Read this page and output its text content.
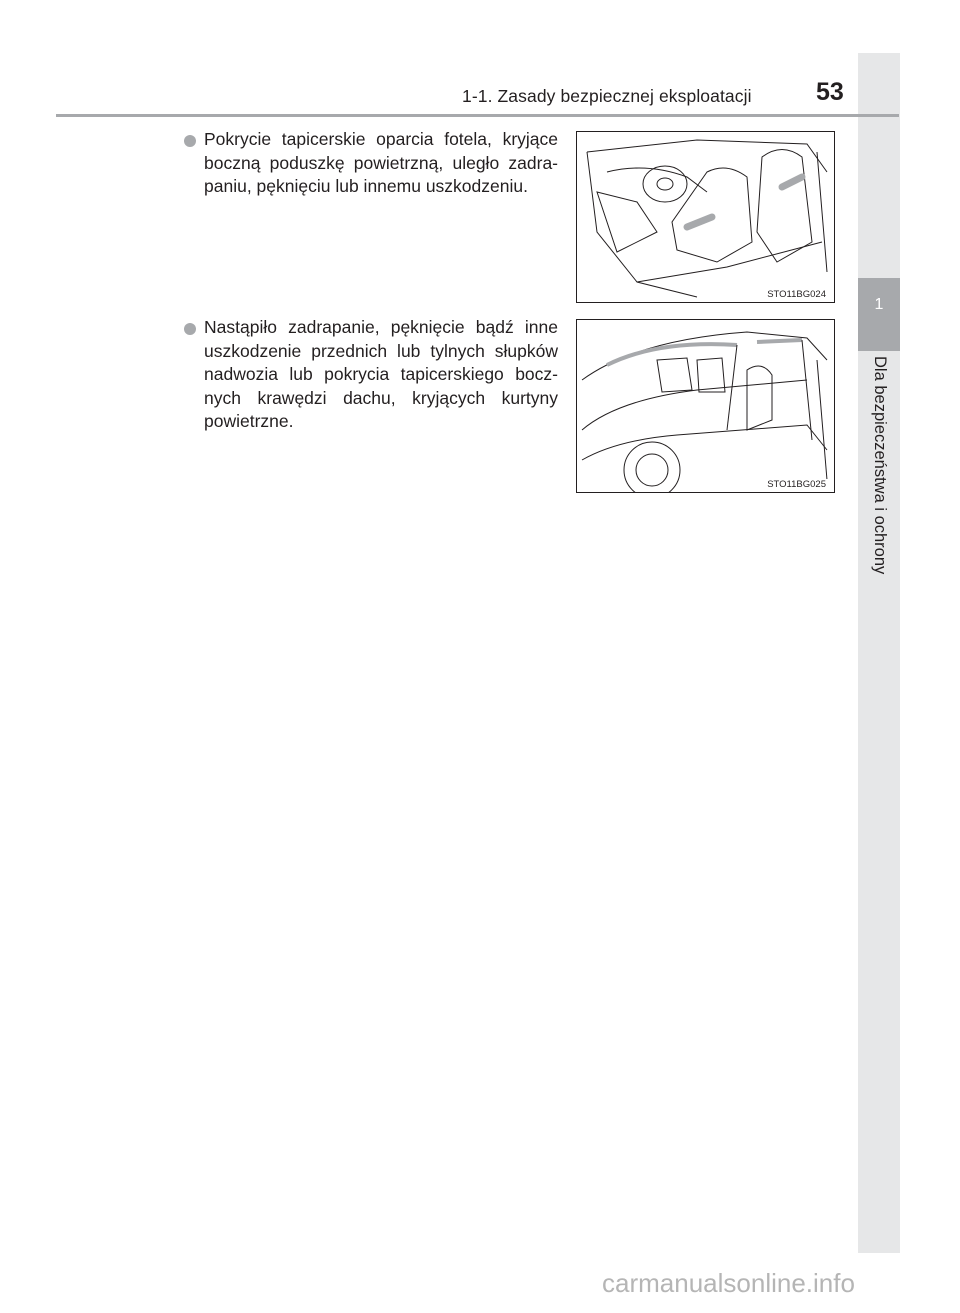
1
Dla bezpieczeństwa i ochrony
1-1. Zasady bezpiecznej eksploatacji	53

Pokrycie tapicerskie oparcia fotela, kryjące boczną poduszkę powietrzną, uległo zadrapaniu, pęknięciu lub innemu uszkodzeniu.

Nastąpiło zadrapanie, pęknięcie bądź inne uszkodzenie przednich lub tylnych słupków nadwozia lub pokrycia tapicerskiego bocznych krawędzi dachu, kryjących kurtyny powietrzne.

STO11BG024
STO11BG025
carmanualsonline.info
